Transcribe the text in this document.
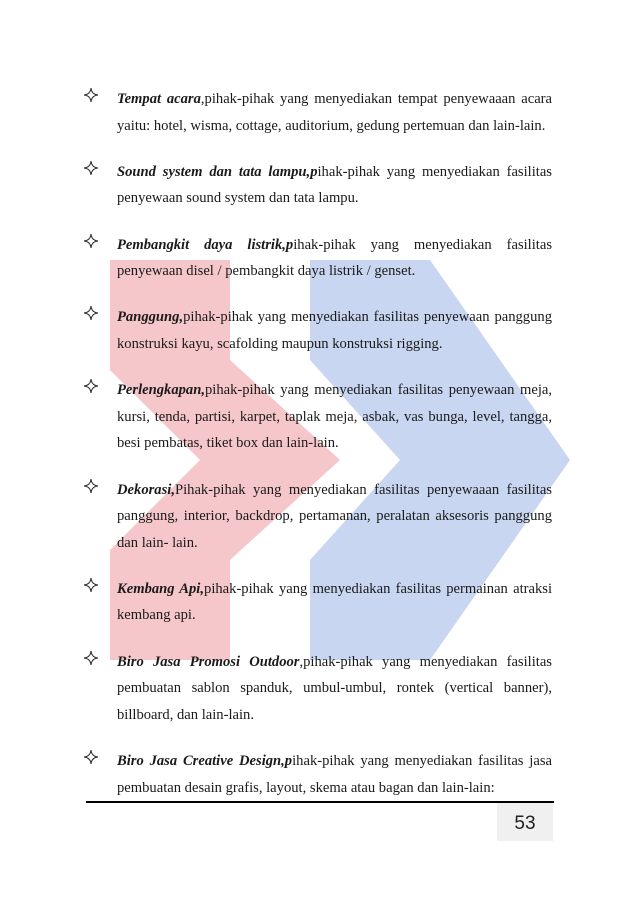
Tempat acara,pihak-pihak yang menyediakan tempat penyewaaan acara yaitu: hotel, wisma, cottage, auditorium, gedung pertemuan dan lain-lain.

Sound system dan tata lampu,pihak-pihak yang menyediakan fasilitas penyewaan sound system dan tata lampu.

Pembangkit daya listrik,pihak-pihak yang menyediakan fasilitas penyewaan disel / pembangkit daya listrik / genset.

Panggung,pihak-pihak yang menyediakan fasilitas penyewaan panggung konstruksi kayu, scafolding maupun konstruksi rigging.

Perlengkapan,pihak-pihak yang menyediakan fasilitas penyewaan meja, kursi, tenda, partisi, karpet, taplak meja, asbak, vas bunga, level, tangga, besi pembatas, tiket box dan lain-lain.

Dekorasi,Pihak-pihak yang menyediakan fasilitas penyewaaan fasilitas panggung, interior, backdrop, pertamanan, peralatan aksesoris panggung dan lain- lain.

Kembang Api,pihak-pihak yang menyediakan fasilitas permainan atraksi kembang api.

Biro Jasa Promosi Outdoor,pihak-pihak yang menyediakan fasilitas pembuatan sablon spanduk, umbul-umbul, rontek (vertical banner), billboard, dan lain-lain.

Biro Jasa Creative Design,pihak-pihak yang menyediakan fasilitas jasa pembuatan desain grafis, layout, skema atau bagan dan lain-lain:

53
